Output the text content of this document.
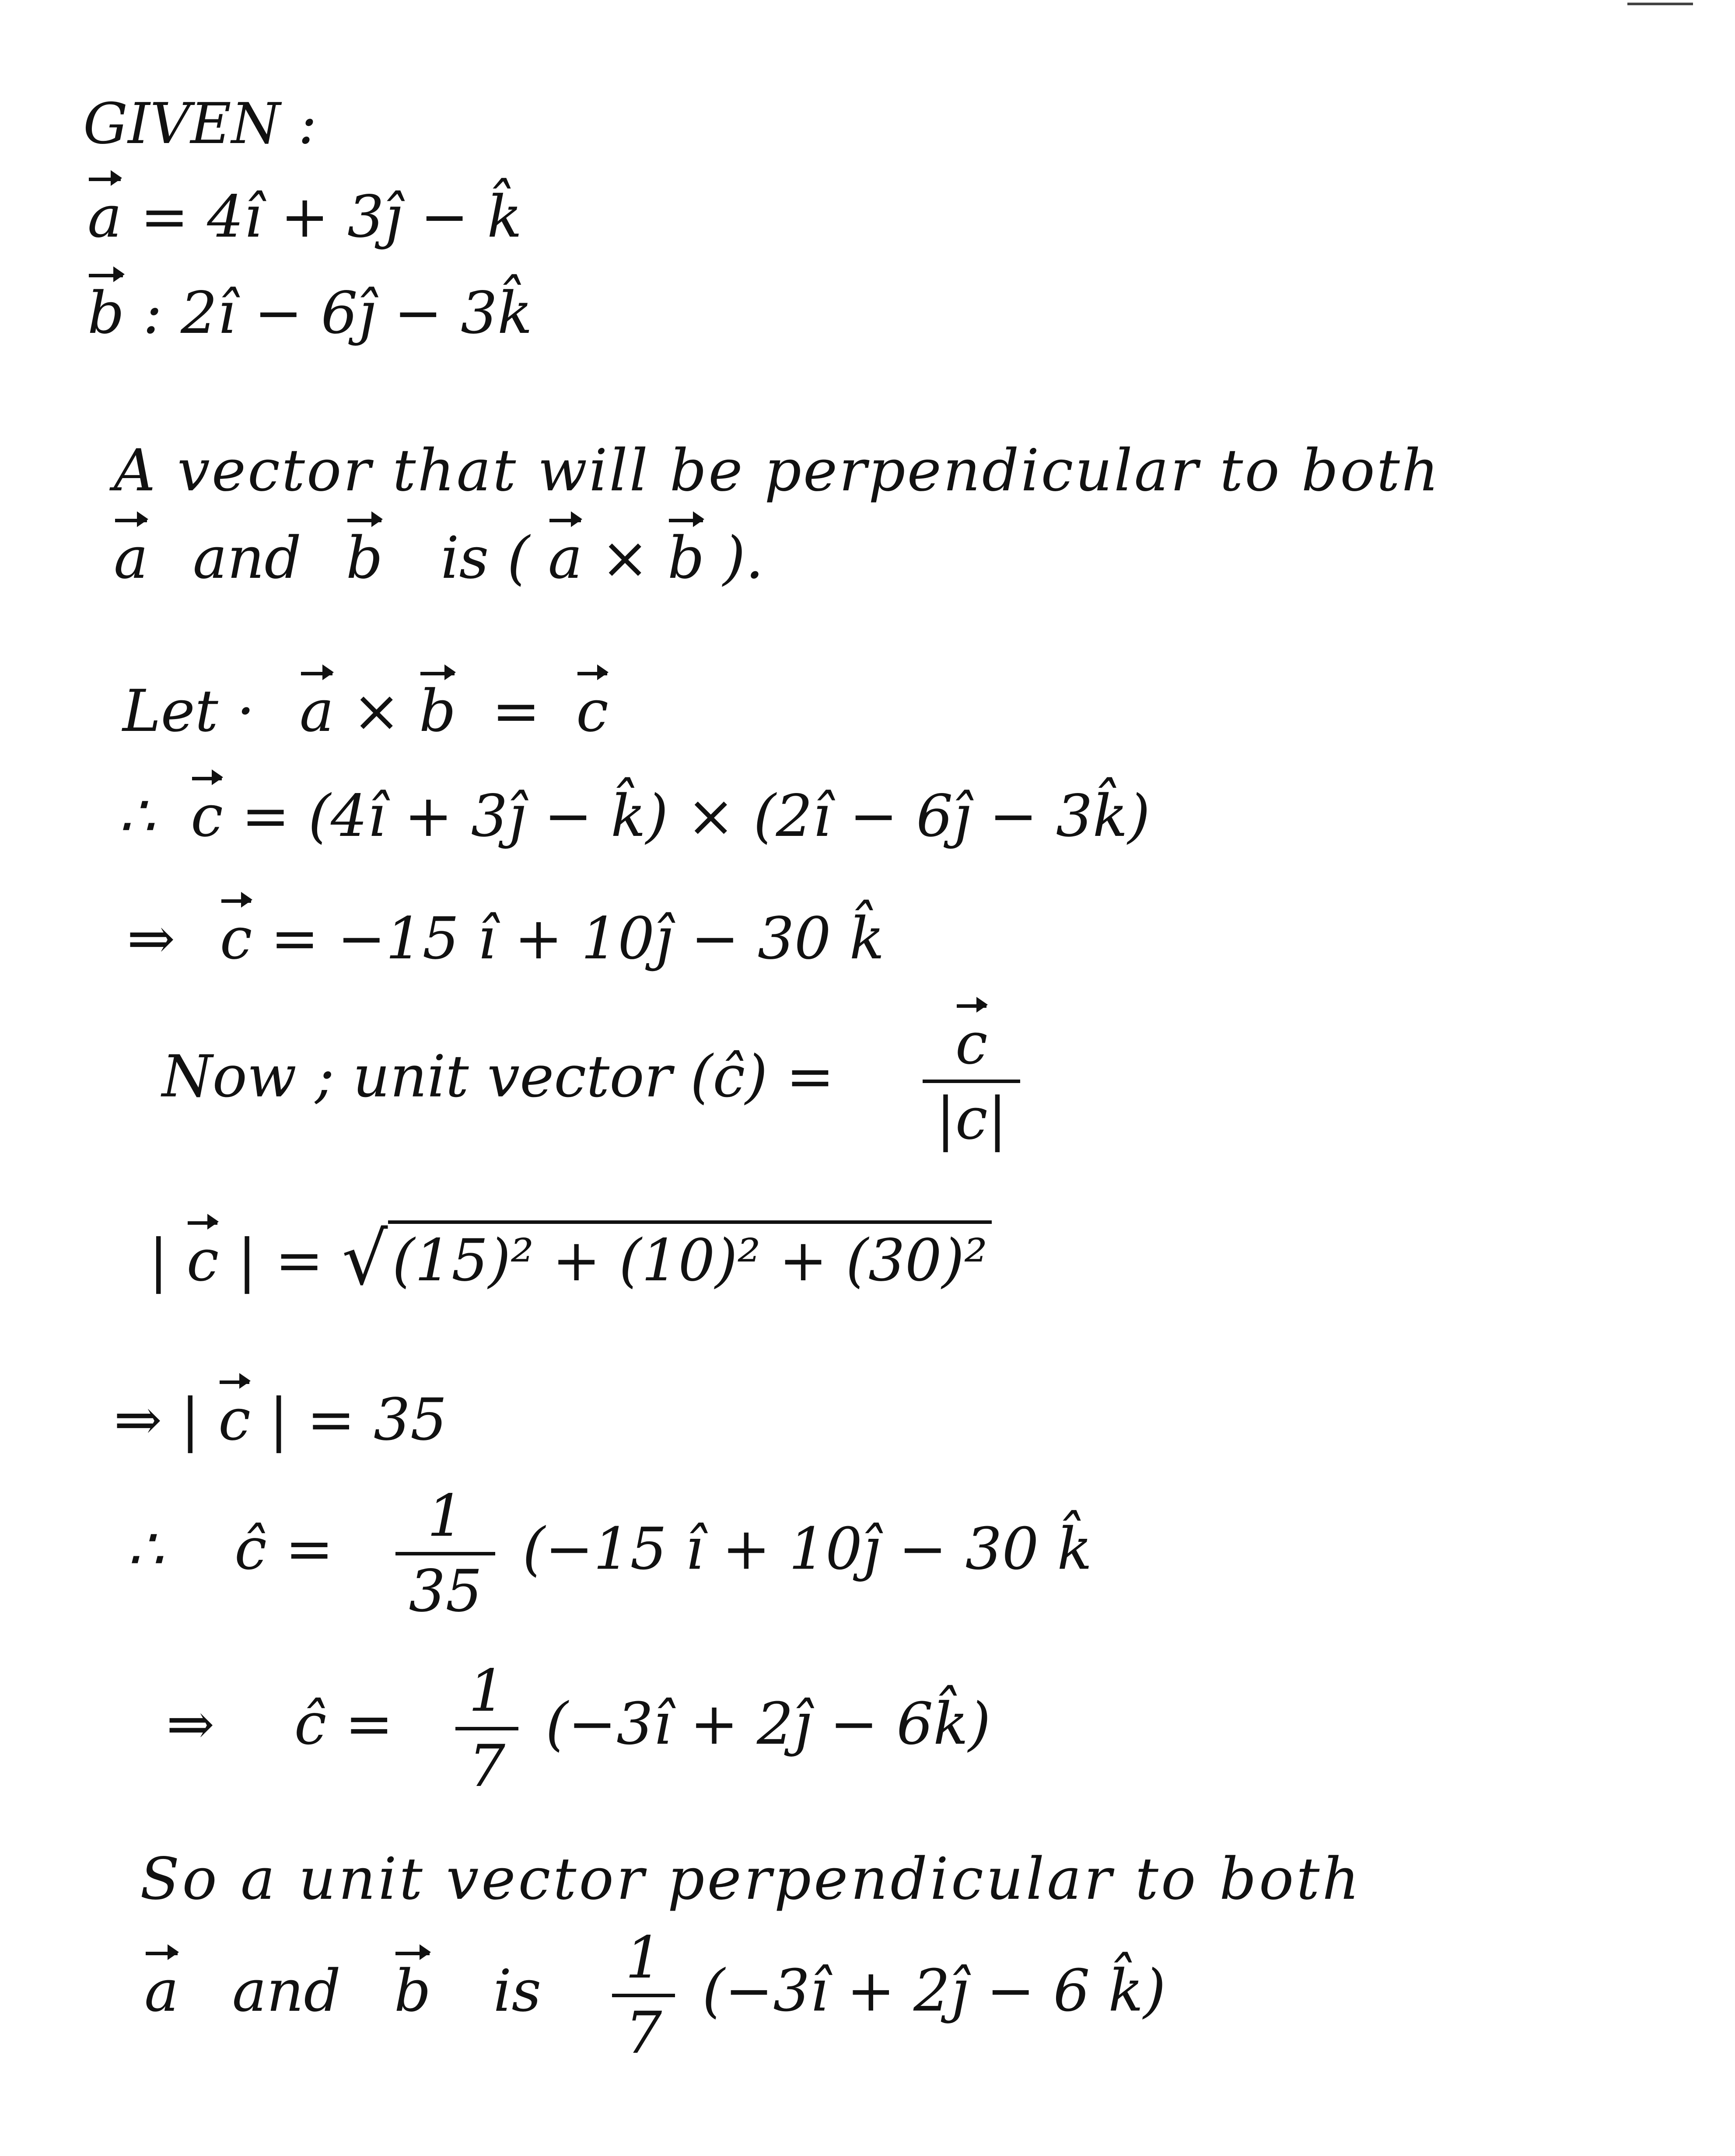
GIVEN :
a = 4î + 3ĵ − k̂
b : 2î − 6ĵ − 3k̂
A vector that will be perpendicular to both
a and b is ( a × b ).
Let · a × b = c
∴ c = (4î + 3ĵ − k̂) × (2î − 6ĵ − 3k̂)
⇒ c = −15 î + 10ĵ − 30 k̂
Now ; unit vector (ĉ) = $\frac{c}{|c|}$
| c | = √(15)² + (10)² + (30)²
⇒ | c | = 35
∴ ĉ = $\frac{1}{35} (-15$ î + 10ĵ − 30 k̂
⇒ ĉ = $\frac{1}{7}$ (−3î + 2ĵ − 6k̂)
So a unit vector perpendicular to both
a and b is $\frac{1}{7}$ (−3î + 2ĵ − 6 k̂)
